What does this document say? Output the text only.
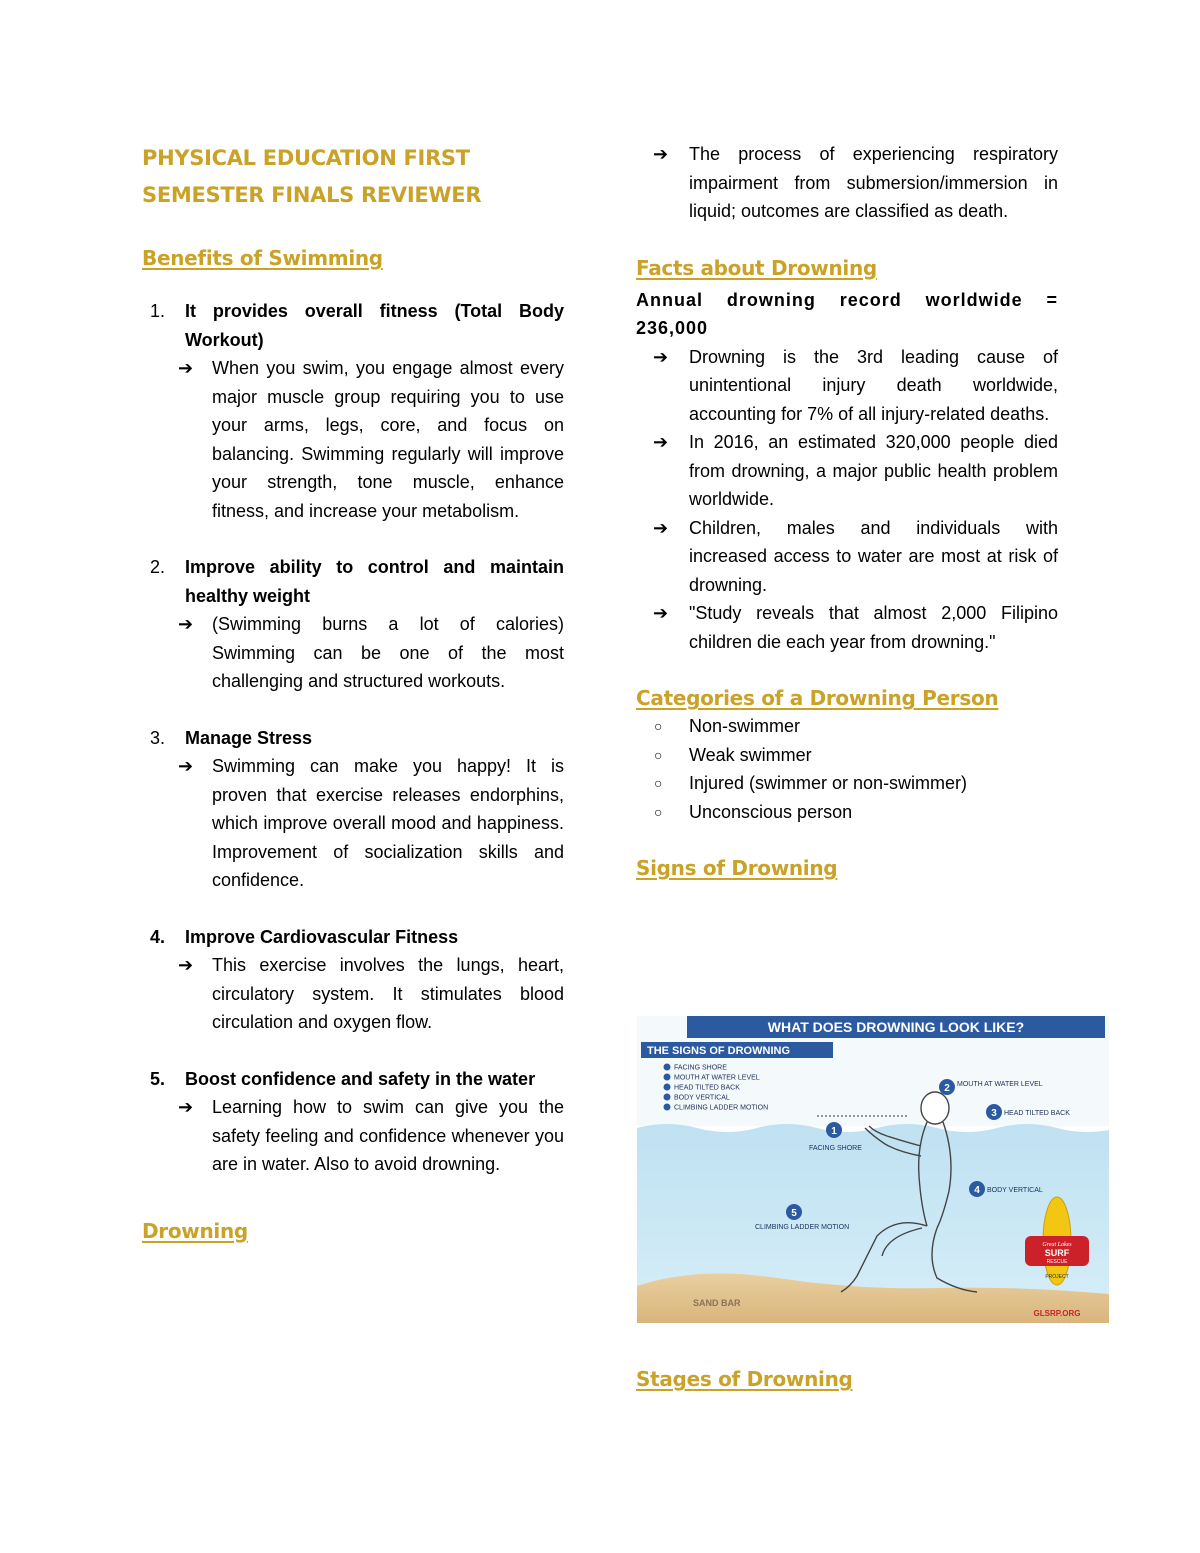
PHYSICAL EDUCATION FIRST

SEMESTER FINALS REVIEWER

Benefits of Swimming

1. It provides overall fitness (Total Body Workout)
➔ When you swim, you engage almost every major muscle group requiring you to use your arms, legs, core, and focus on balancing. Swimming regularly will improve your strength, tone muscle, enhance fitness, and increase your metabolism.
2. Improve ability to control and maintain healthy weight
➔ (Swimming burns a lot of calories) Swimming can be one of the most challenging and structured workouts.
3. Manage Stress
➔ Swimming can make you happy! It is proven that exercise releases endorphins, which improve overall mood and happiness. Improvement of socialization skills and confidence.
4. Improve Cardiovascular Fitness
➔ This exercise involves the lungs, heart, circulatory system. It stimulates blood circulation and oxygen flow.
5. Boost confidence and safety in the water
➔ Learning how to swim can give you the safety feeling and confidence whenever you are in water. Also to avoid drowning.

Drowning

➔ The process of experiencing respiratory impairment from submersion/immersion in liquid; outcomes are classified as death.

Facts about Drowning

Annual drowning record worldwide = 236,000
➔ Drowning is the 3rd leading cause of unintentional injury death worldwide, accounting for 7% of all injury-related deaths.
➔ In 2016, an estimated 320,000 people died from drowning, a major public health problem worldwide.
➔ Children, males and individuals with increased access to water are most at risk of drowning.
➔ "Study reveals that almost 2,000 Filipino children die each year from drowning."

Categories of a Drowning Person

○ Non-swimmer
○ Weak swimmer
○ Injured (swimmer or non-swimmer)
○ Unconscious person

Signs of Drowning

WHAT DOES DROWNING LOOK LIKE?
THE SIGNS OF DROWNING
FACING SHORE
MOUTH AT WATER LEVEL
HEAD TILTED BACK
BODY VERTICAL
CLIMBING LADDER MOTION
SAND BAR
1
2
3
4
5
MOUTH AT WATER LEVEL
HEAD TILTED BACK
FACING SHORE
BODY VERTICAL
CLIMBING LADDER MOTION
Great Lakes
SURF
RESCUE
PROJECT
GLSRP.ORG

Stages of Drowning
